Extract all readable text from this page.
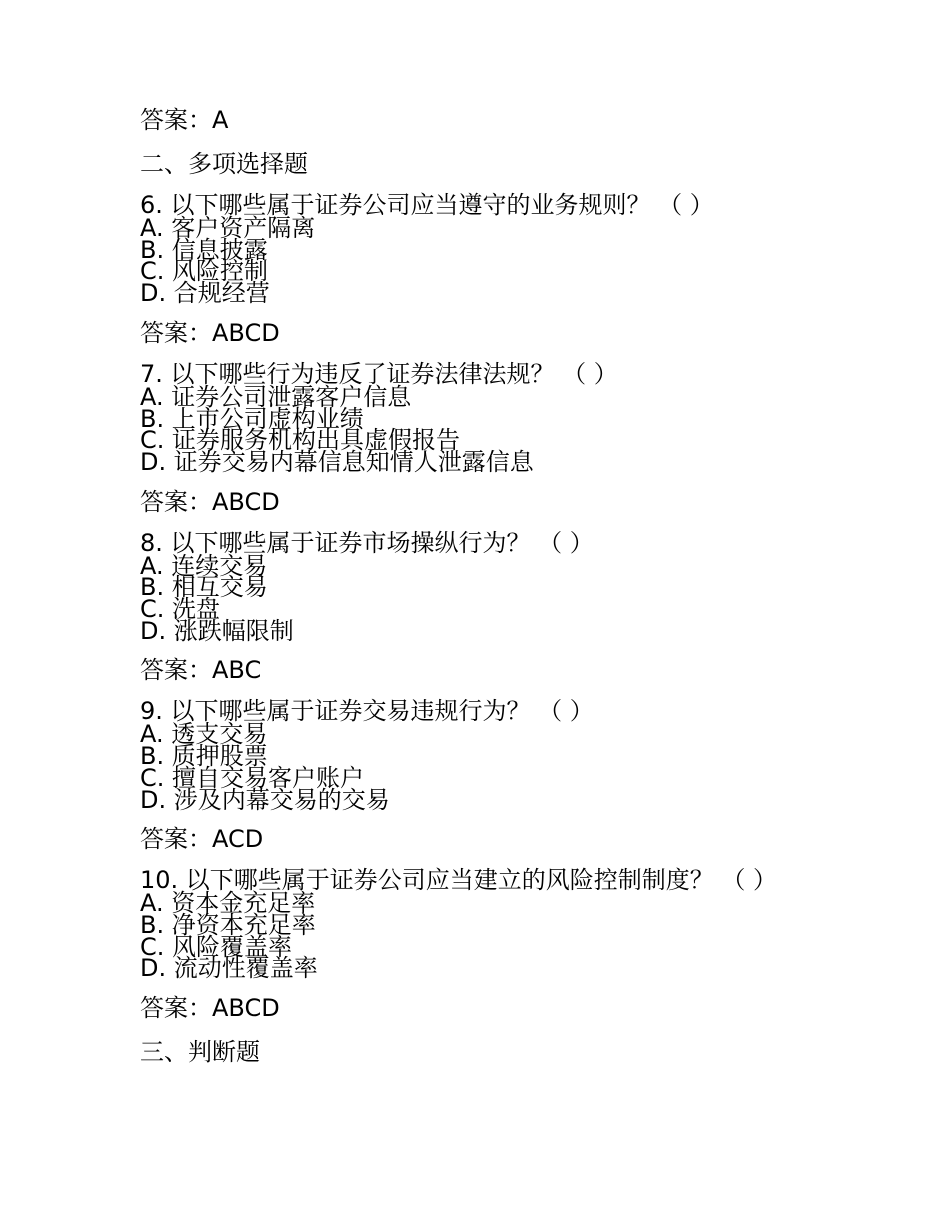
答案：A
二、多项选择题
6. 以下哪些属于证券公司应当遵守的业务规则？ （ ）
A. 客户资产隔离
B. 信息披露
C. 风险控制
D. 合规经营
答案：ABCD
7. 以下哪些行为违反了证券法律法规？ （ ）
A. 证券公司泄露客户信息
B. 上市公司虚构业绩
C. 证券服务机构出具虚假报告
D. 证券交易内幕信息知情人泄露信息
答案：ABCD
8. 以下哪些属于证券市场操纵行为？ （ ）
A. 连续交易
B. 相互交易
C. 洗盘
D. 涨跌幅限制
答案：ABC
9. 以下哪些属于证券交易违规行为？ （ ）
A. 透支交易
B. 质押股票
C. 擅自交易客户账户
D. 涉及内幕交易的交易
答案：ACD
10. 以下哪些属于证券公司应当建立的风险控制制度？ （ ）
A. 资本金充足率
B. 净资本充足率
C. 风险覆盖率
D. 流动性覆盖率
答案：ABCD
三、判断题
